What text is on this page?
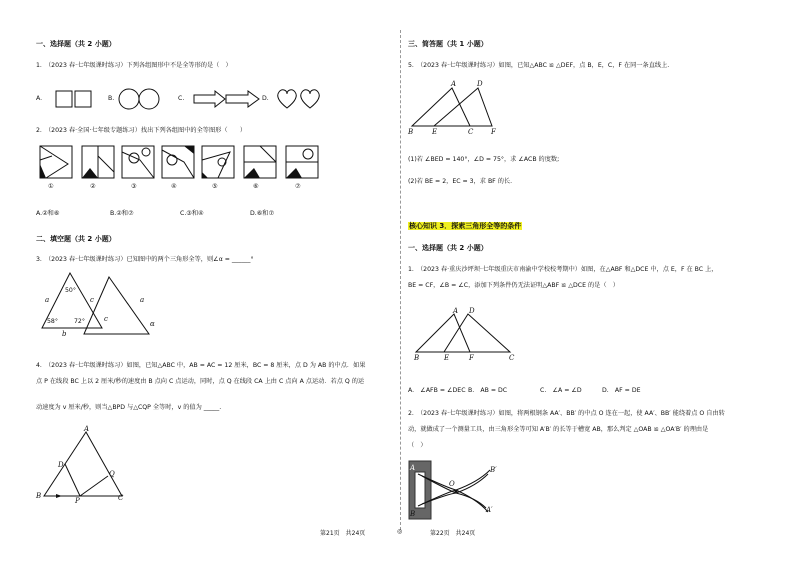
一、选择题（共 2 小题）
1.　（2023 春·七年级课时练习）下列各组图形中不是全等形的是（　）
A.	B.	C.	D.
2.　（2023 春·全国·七年级专题练习）找出下列各组图中的全等图形（　　）
①	②	③	④	⑤	⑥	⑦
A.②和⑥	B.②和⑦	C.③和④	D.⑥和⑦
二、填空题（共 2 小题）
3.　（2023 春·七年级课时练习）已知图中的两个三角形全等，则∠α = ______°
a	c
b
50°
58°	72°
a
c
α
4.　（2023 春·七年级课时练习）如图，已知△ABC 中，AB = AC = 12 厘米，BC = 8 厘米，点 D 为 AB 的中点．如果
点 P 在线段 BC 上以 2 厘米/秒的速度由 B 点向 C 点运动，同时，点 Q 在线段 CA 上由 C 点向 A 点运动．若点 Q 的运
动速度为 v 厘米/秒，则当△BPD 与△CQP 全等时，v 的值为 _____.
A
D
Q
B
P	C
三、简答题（共 1 小题）
5.　（2023 春·七年级课时练习）如图，已知△ABC ≌ △DEF，点 B，E，C，F 在同一条直线上.
A	D
B	E	C	F
(1)若 ∠BED = 140°，∠D = 75°，求 ∠ACB 的度数;
(2)若 BE = 2，EC = 3，求 BF 的长.
核心知识 3．探索三角形全等的条件
一、选择题（共 2 小题）
1.　（2023 春·重庆沙坪坝·七年级重庆市南渝中学校校考期中）如图，在△ABF 和△DCE 中，点 E，F 在 BC 上，
BE = CF，∠B = ∠C，添加下列条件仍无法证明△ABF ≌ △DCE 的是（　）
A D
B	E	F	C
A.　∠AFB = ∠DEC B.　AB = DC	C.　∠A = ∠D	D.　AF = DE
2.　（2023 春·七年级课时练习）如图，将两根钢条 AA′、BB′ 的中点 O 连在一起，使 AA′、BB′ 能绕着点 O 自由转
动，就做成了一个测量工具，由三角形全等可知 A′B′ 的长等于槽宽 AB，那么判定 △OAB ≌ △OA′B′ 的理由是
（　）
A
B
O
B′
A′
第21页　共24页	◎	第22页　共24页
